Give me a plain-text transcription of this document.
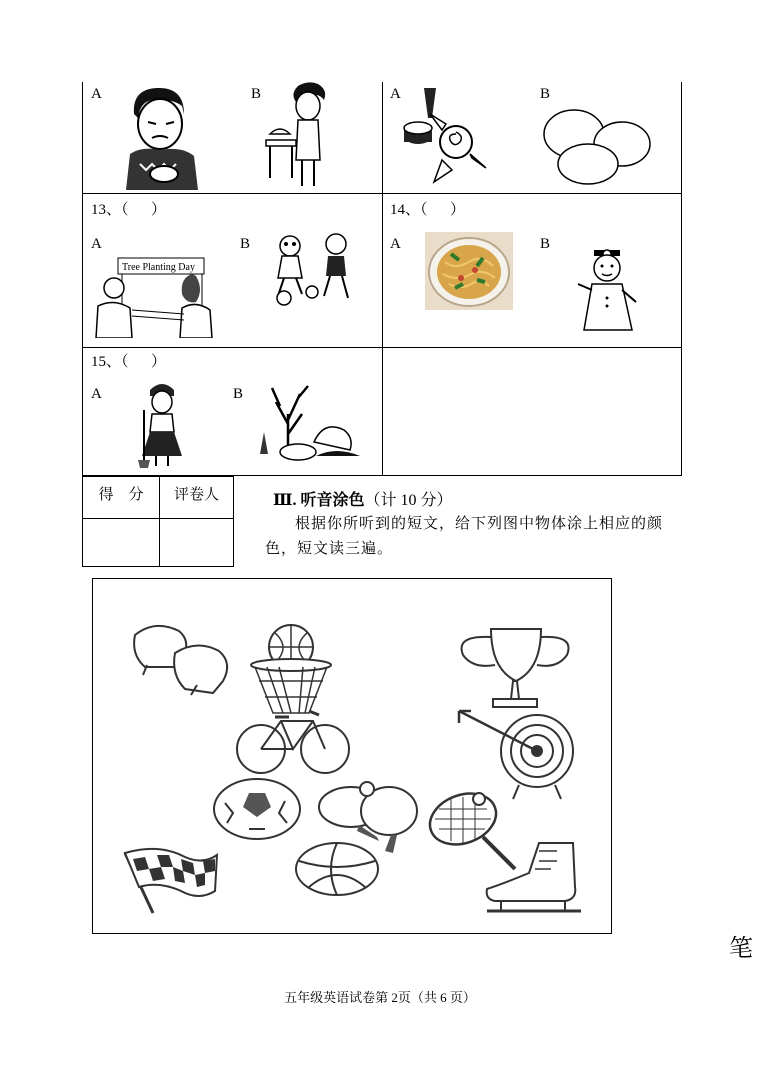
A	B	A	B
13、（      ）
A	B
Tree Planting Day
14、（      ）
A	B
15、（      ）
A	B
得    分	评卷人	Ⅲ. 听音涂色（计 10 分）
根据你所听到的短文，给下列图中物体涂上相应的颜色，短文读三遍。
五年级英语试卷第 2页（共 6 页）
笔
